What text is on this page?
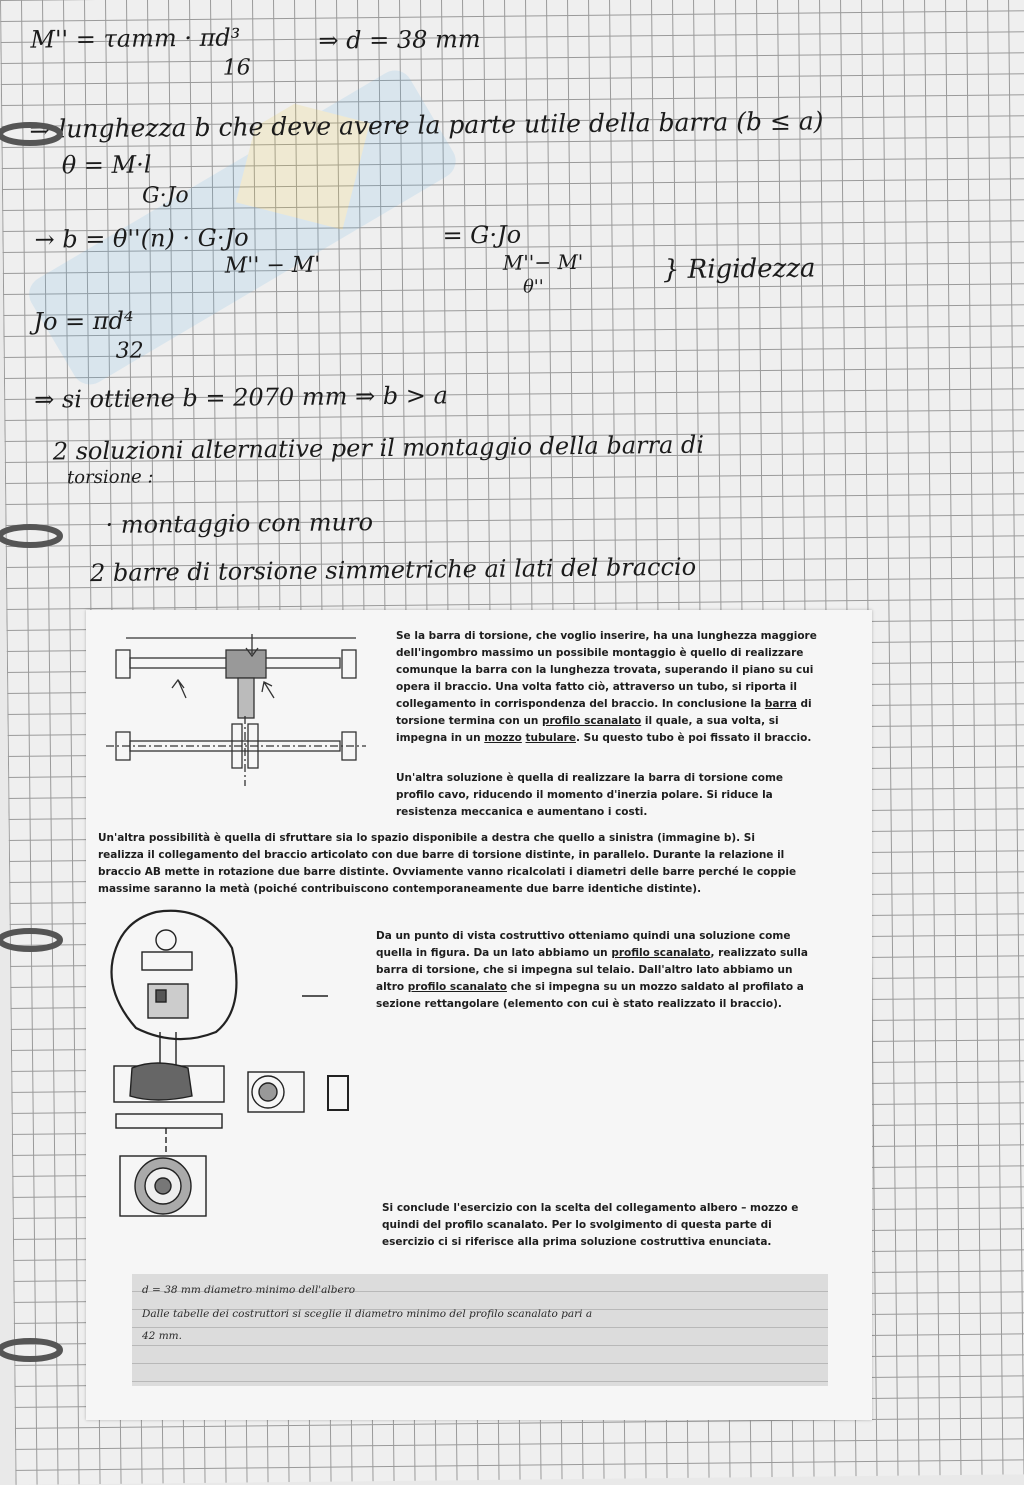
M'' = τamm · πd³
16
⇒ d = 38 mm
⇒ lunghezza b che deve avere la parte utile della barra (b ≤ a)
θ = M·l
G·Jo
→ b = θ''(n) · G·Jo
M'' − M'
= G·Jo
M''− M'
θ''
} Rigidezza
Jo = πd⁴
32
⇒ si ottiene b = 2070 mm ⇒ b > a
2 soluzioni alternative per il montaggio della barra di
torsione :
· montaggio con muro
2 barre di torsione simmetriche ai lati del braccio
Se la barra di torsione, che voglio inserire, ha una lunghezza maggiore
dell'ingombro massimo un possibile montaggio è quello di realizzare
comunque la barra con la lunghezza trovata, superando il piano su cui
opera il braccio. Una volta fatto ciò, attraverso un tubo, si riporta il
collegamento in corrispondenza del braccio. In conclusione la barra di
torsione termina con un profilo scanalato il quale, a sua volta, si
impegna in un mozzo tubulare. Su questo tubo è poi fissato il braccio.
Un'altra soluzione è quella di realizzare la barra di torsione come
profilo cavo, riducendo il momento d'inerzia polare. Si riduce la
resistenza meccanica e aumentano i costi.
Un'altra possibilità è quella di sfruttare sia lo spazio disponibile a destra che quello a sinistra (immagine b). Si
realizza il collegamento del braccio articolato con due barre di torsione distinte, in parallelo. Durante la relazione il
braccio AB mette in rotazione due barre distinte. Ovviamente vanno ricalcolati i diametri delle barre perché le coppie
massime saranno la metà (poiché contribuiscono contemporaneamente due barre identiche distinte).
Da un punto di vista costruttivo otteniamo quindi una soluzione come
quella in figura. Da un lato abbiamo un profilo scanalato, realizzato sulla
barra di torsione, che si impegna sul telaio. Dall'altro lato abbiamo un
altro profilo scanalato che si impegna su un mozzo saldato al profilato a
sezione rettangolare (elemento con cui è stato realizzato il braccio).
Si conclude l'esercizio con la scelta del collegamento albero – mozzo e
quindi del profilo scanalato. Per lo svolgimento di questa parte di
esercizio ci si riferisce alla prima soluzione costruttiva enunciata.
d = 38 mm diametro minimo dell'albero
Dalle tabelle dei costruttori si sceglie il diametro minimo del profilo scanalato pari a
42 mm.
